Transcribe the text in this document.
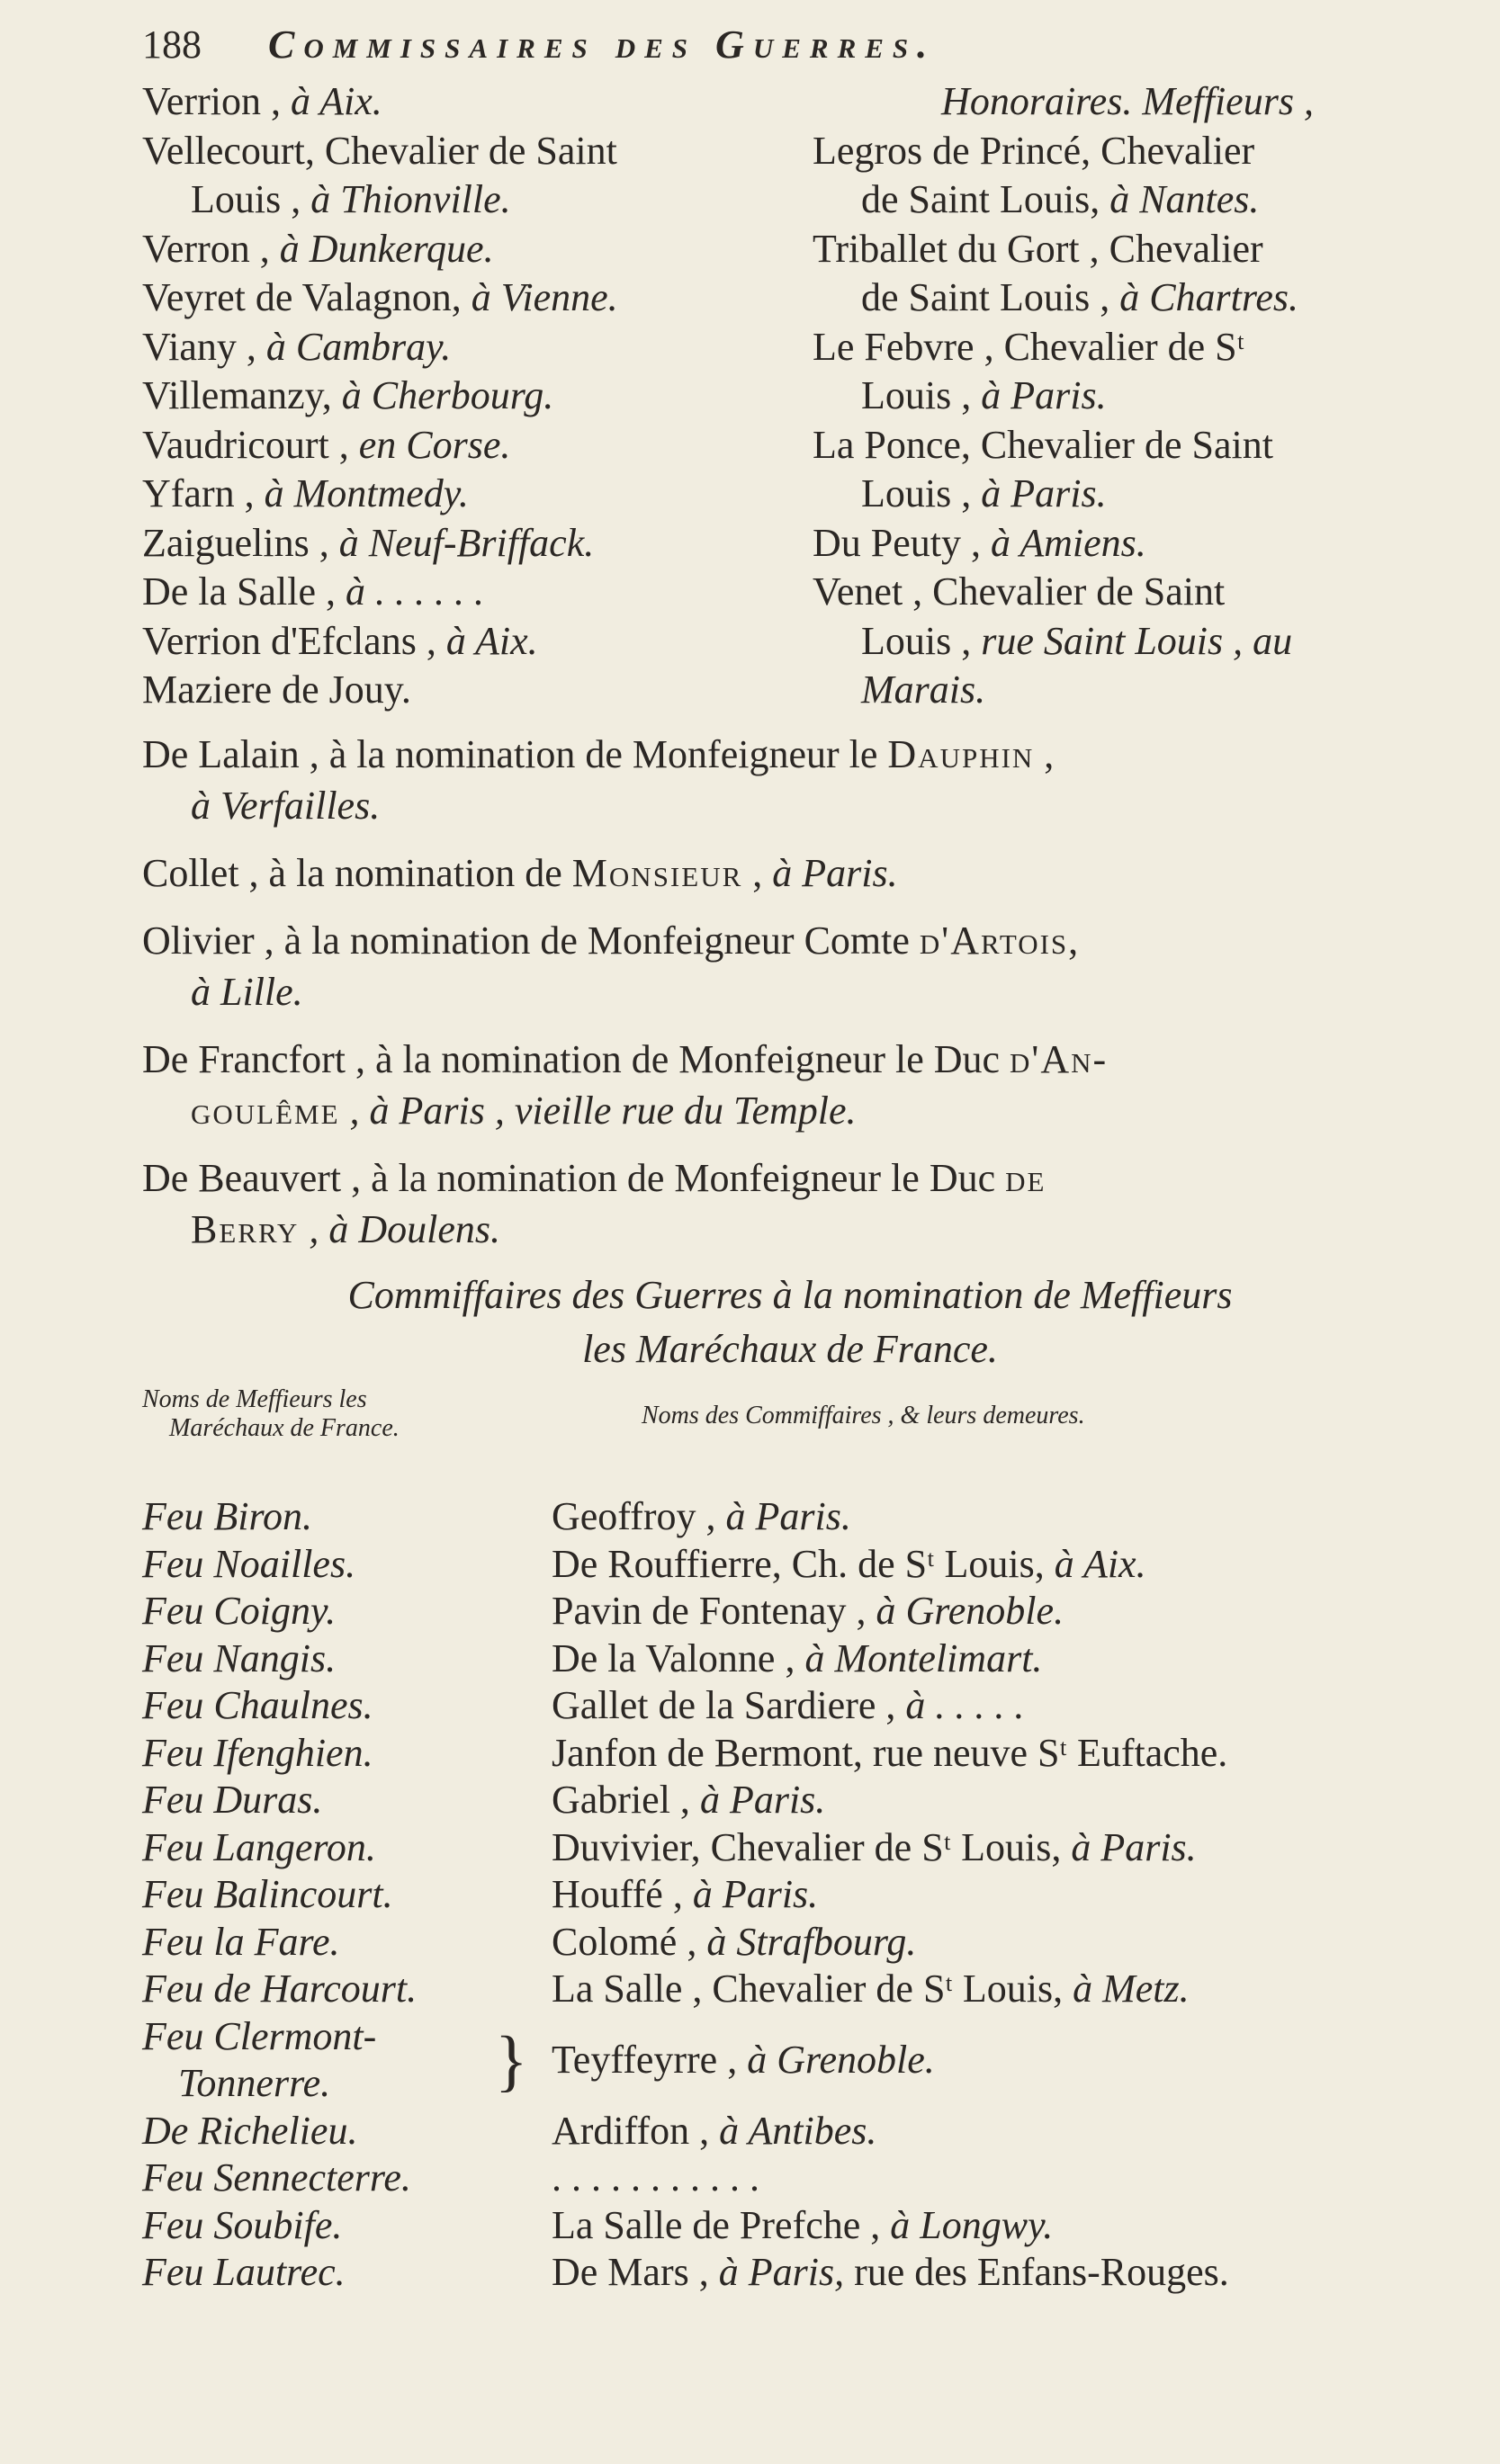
188 Commissaires des Guerres.

Verrion , à Aix.

Vellecourt, Chevalier de Saint

Louis , à Thionville.

Verron , à Dunkerque.

Veyret de Valagnon, à Vienne.

Viany , à Cambray.

Villemanzy, à Cherbourg.

Vaudricourt , en Corse.

Yfarn , à Montmedy.

Zaiguelins , à Neuf-Briffack.

De la Salle , à . . . . . .

Verrion d'Efclans , à Aix.

Maziere de Jouy.

Honoraires. Meffieurs ,

Legros de Princé, Chevalier

de Saint Louis, à Nantes.

Triballet du Gort , Chevalier

de Saint Louis , à Chartres.

Le Febvre , Chevalier de Sᵗ

Louis , à Paris.

La Ponce, Chevalier de Saint

Louis , à Paris.

Du Peuty , à Amiens.

Venet , Chevalier de Saint

Louis , rue Saint Louis , au

Marais.

De Lalain , à la nomination de Monfeigneur le Dauphin ,
à Verfailles.

Collet , à la nomination de Monsieur , à Paris.

Olivier , à la nomination de Monfeigneur Comte d'Artois,
à Lille.

De Francfort , à la nomination de Monfeigneur le Duc d'An-
goulême , à Paris , vieille rue du Temple.

De Beauvert , à la nomination de Monfeigneur le Duc de
Berry , à Doulens.

Commiffaires des Guerres à la nomination de Meffieurs
les Maréchaux de France.
Noms de Meffieurs les
Maréchaux de France.	Noms des Commiffaires , & leurs demeures.
Feu Biron.	Geoffroy , à Paris.
Feu Noailles.	De Rouffierre, Ch. de Sᵗ Louis, à Aix.
Feu Coigny.	Pavin de Fontenay , à Grenoble.
Feu Nangis.	De la Valonne , à Montelimart.
Feu Chaulnes.	Gallet de la Sardiere , à . . . . .
Feu Ifenghien.	Janfon de Bermont, rue neuve Sᵗ Euftache.
Feu Duras.	Gabriel , à Paris.
Feu Langeron.	Duvivier, Chevalier de Sᵗ Louis, à Paris.
Feu Balincourt.	Houffé , à Paris.
Feu la Fare.	Colomé , à Strafbourg.
Feu de Harcourt.	La Salle , Chevalier de Sᵗ Louis, à Metz.
Feu Clermont-
Tonnerre.	} Teyffeyrre , à Grenoble.
De Richelieu.	Ardiffon , à Antibes.
Feu Sennecterre.	. . . . . . . . . . .
Feu Soubife.	La Salle de Prefche , à Longwy.
Feu Lautrec.	De Mars , à Paris, rue des Enfans-Rouges.
